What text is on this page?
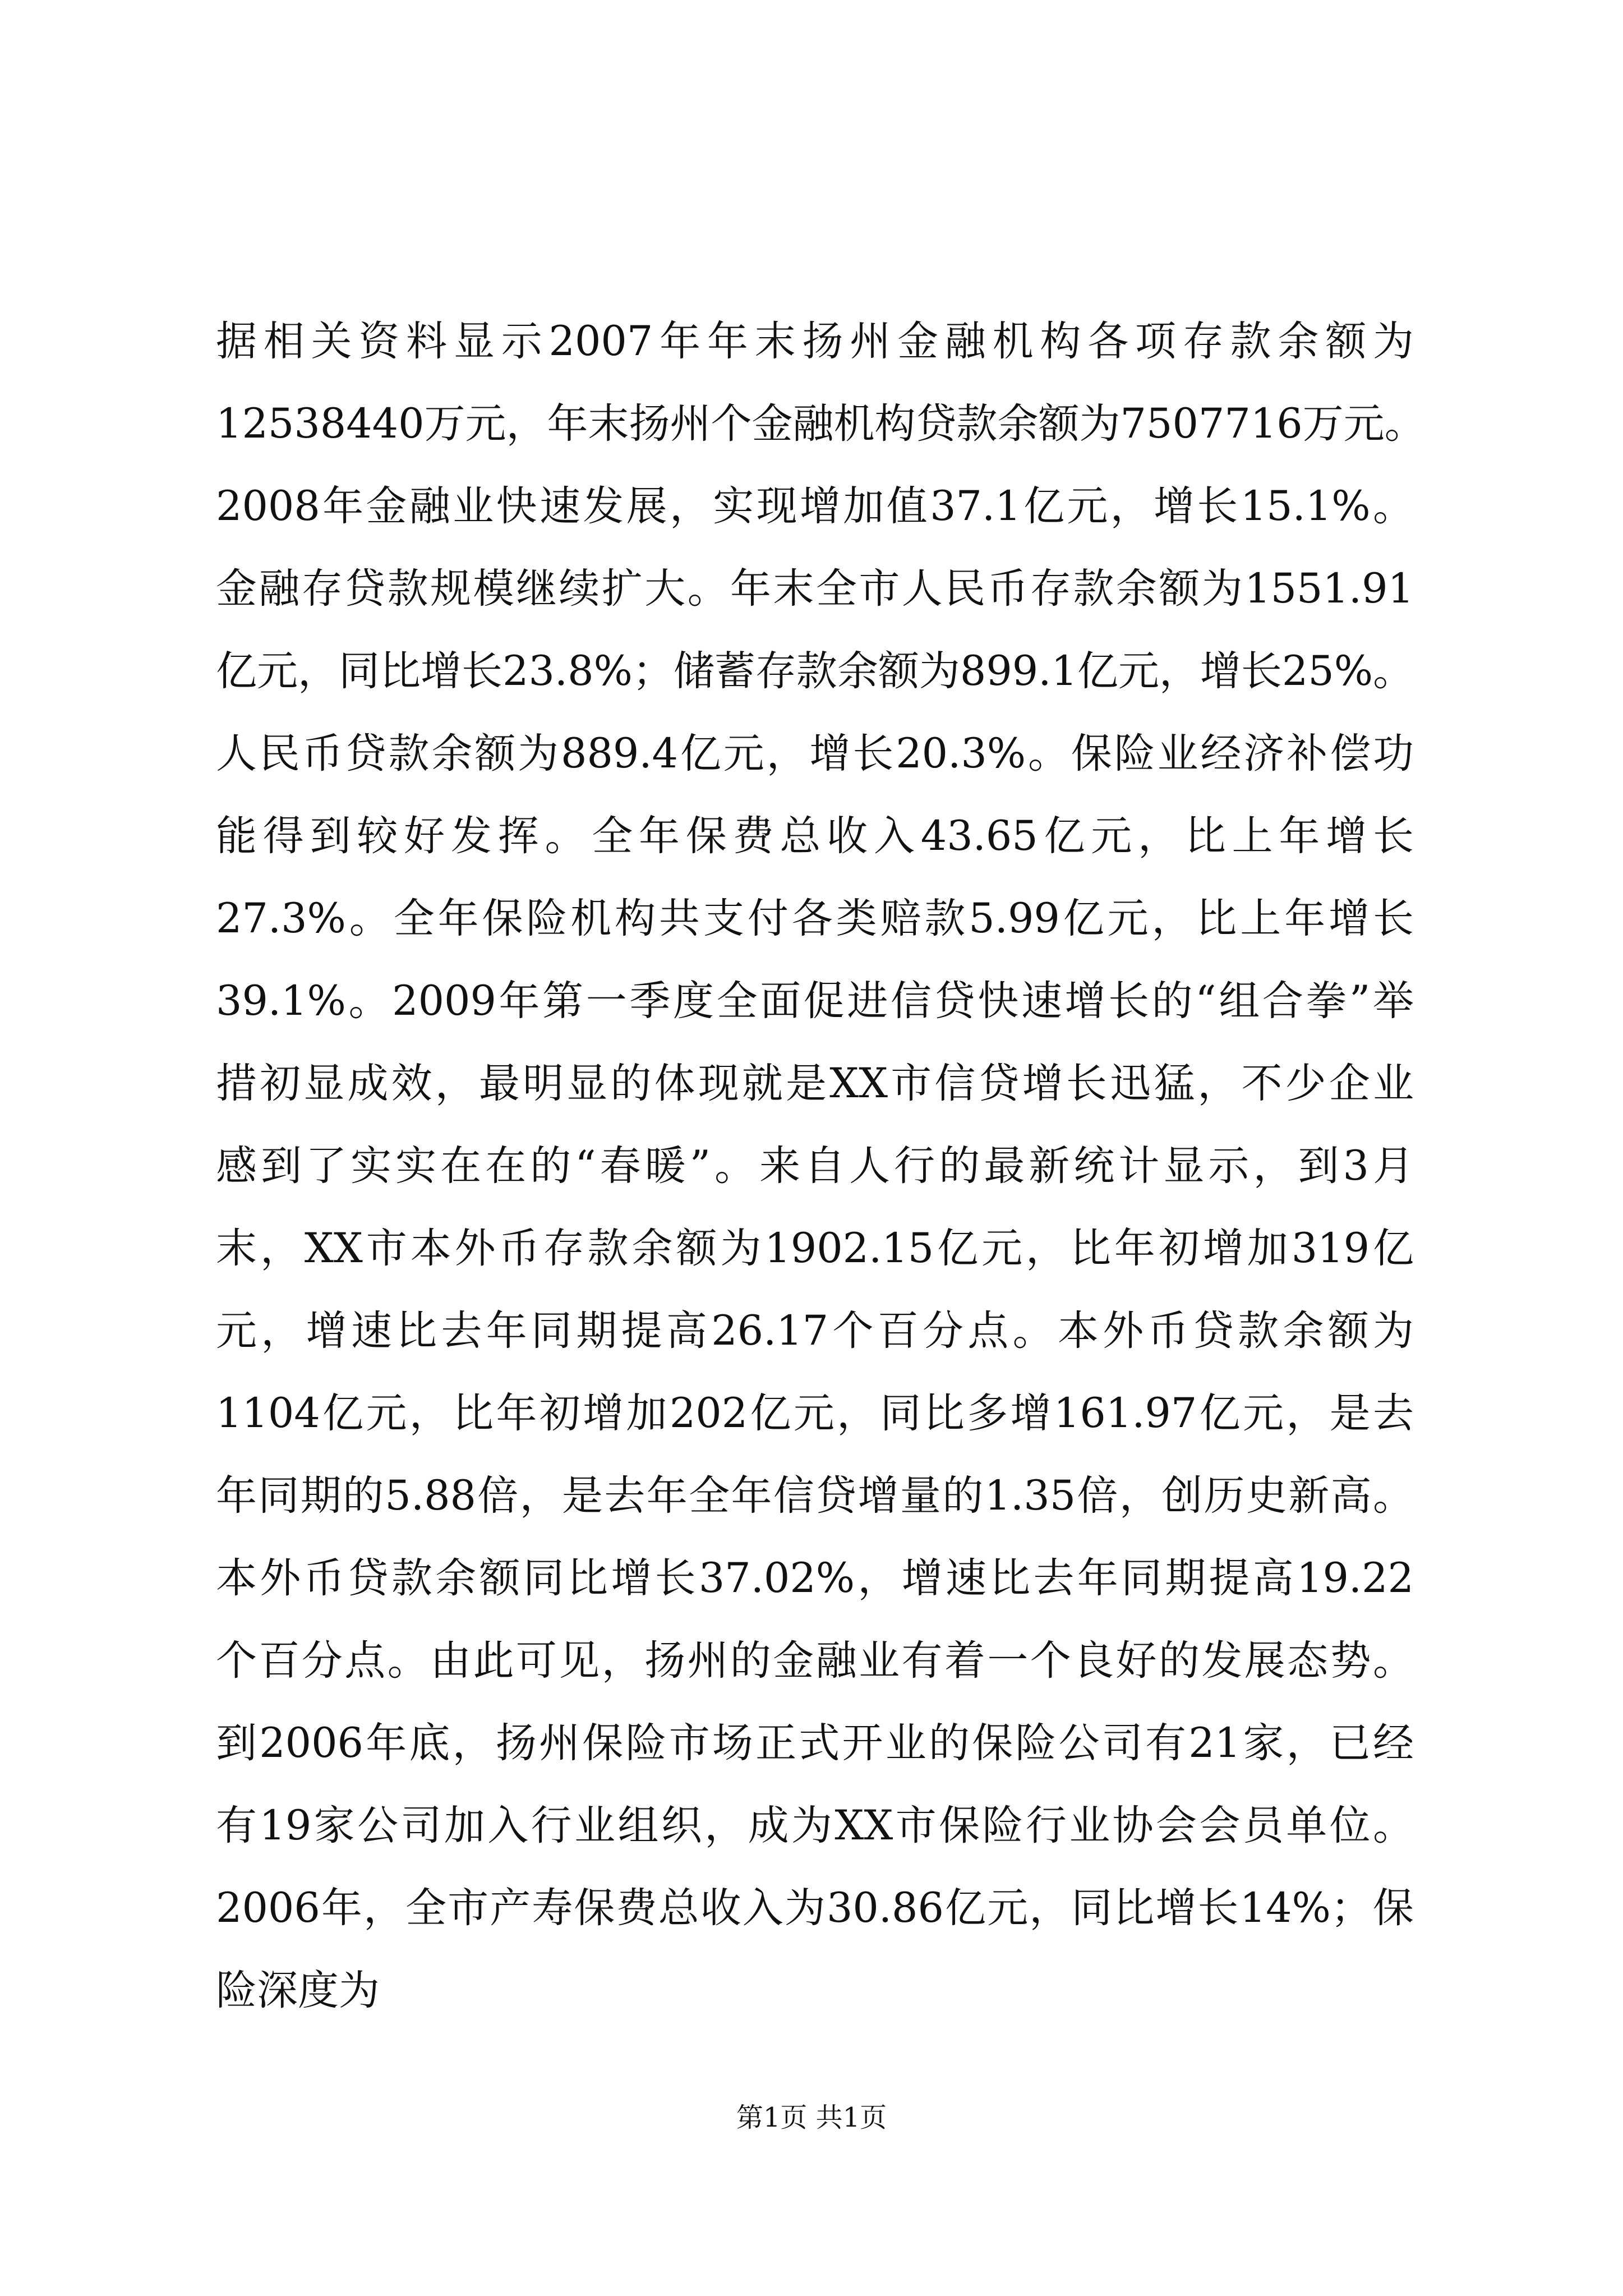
据相关资料显示2007年年末扬州金融机构各项存款余额为
12538440万元，年末扬州个金融机构贷款余额为7507716万元。
2008年金融业快速发展，实现增加值37.1亿元，增长15.1%。
金融存贷款规模继续扩大。年末全市人民币存款余额为1551.91
亿元，同比增长23.8%；储蓄存款余额为899.1亿元，增长25%。
人民币贷款余额为889.4亿元，增长20.3%。保险业经济补偿功
能得到较好发挥。全年保费总收入43.65亿元，比上年增长
27.3%。全年保险机构共支付各类赔款5.99亿元，比上年增长
39.1%。2009年第一季度全面促进信贷快速增长的“组合拳”举
措初显成效，最明显的体现就是XX市信贷增长迅猛，不少企业
感到了实实在在的“春暖”。来自人行的最新统计显示，到3月
末，XX市本外币存款余额为1902.15亿元，比年初增加319亿
元，增速比去年同期提高26.17个百分点。本外币贷款余额为
1104亿元，比年初增加202亿元，同比多增161.97亿元，是去
年同期的5.88倍，是去年全年信贷增量的1.35倍，创历史新高。
本外币贷款余额同比增长37.02%，增速比去年同期提高19.22
个百分点。由此可见，扬州的金融业有着一个良好的发展态势。
到2006年底，扬州保险市场正式开业的保险公司有21家，已经
有19家公司加入行业组织，成为XX市保险行业协会会员单位。
2006年，全市产寿保费总收入为30.86亿元，同比增长14%；保
险深度为
第1页 共1页
